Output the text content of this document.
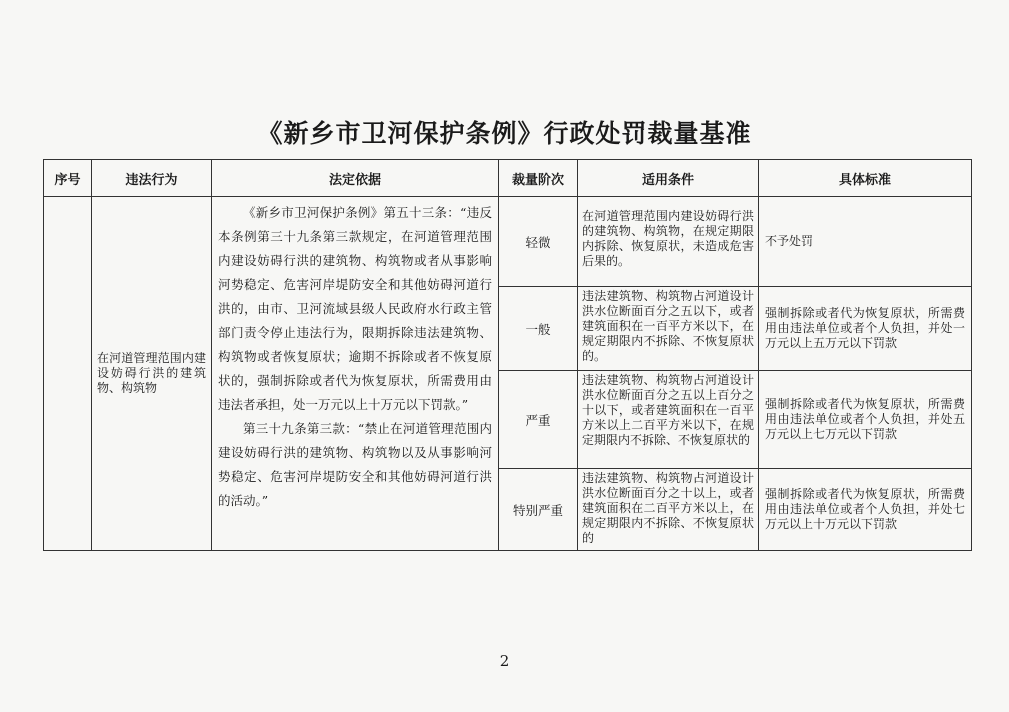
《新乡市卫河保护条例》行政处罚裁量基准
序号	违法行为	法定依据	裁量阶次	适用条件	具体标准
	在河道管理范围内建设妨碍行洪的建筑物、构筑物	《新乡市卫河保护条例》第五十三条：“违反本条例第三十九条第三款规定，在河道管理范围内建设妨碍行洪的建筑物、构筑物或者从事影响河势稳定、危害河岸堤防安全和其他妨碍河道行洪的，由市、卫河流域县级人民政府水行政主管部门责令停止违法行为，限期拆除违法建筑物、构筑物或者恢复原状；逾期不拆除或者不恢复原状的，强制拆除或者代为恢复原状，所需费用由违法者承担，处一万元以上十万元以下罚款。”

第三十九条第三款：“禁止在河道管理范围内建设妨碍行洪的建筑物、构筑物以及从事影响河势稳定、危害河岸堤防安全和其他妨碍河道行洪的活动。”	轻微	在河道管理范围内建设妨碍行洪的建筑物、构筑物，在规定期限内拆除、恢复原状，未造成危害后果的。	不予处罚
			一般	违法建筑物、构筑物占河道设计洪水位断面百分之五以下，或者建筑面积在一百平方米以下，在规定期限内不拆除、不恢复原状的。	强制拆除或者代为恢复原状，所需费用由违法单位或者个人负担，并处一万元以上五万元以下罚款
			严重	违法建筑物、构筑物占河道设计洪水位断面百分之五以上百分之十以下，或者建筑面积在一百平方米以上二百平方米以下，在规定期限内不拆除、不恢复原状的	强制拆除或者代为恢复原状，所需费用由违法单位或者个人负担，并处五万元以上七万元以下罚款
			特别严重	违法建筑物、构筑物占河道设计洪水位断面百分之十以上，或者建筑面积在二百平方米以上，在规定期限内不拆除、不恢复原状的	强制拆除或者代为恢复原状，所需费用由违法单位或者个人负担，并处七万元以上十万元以下罚款
2
